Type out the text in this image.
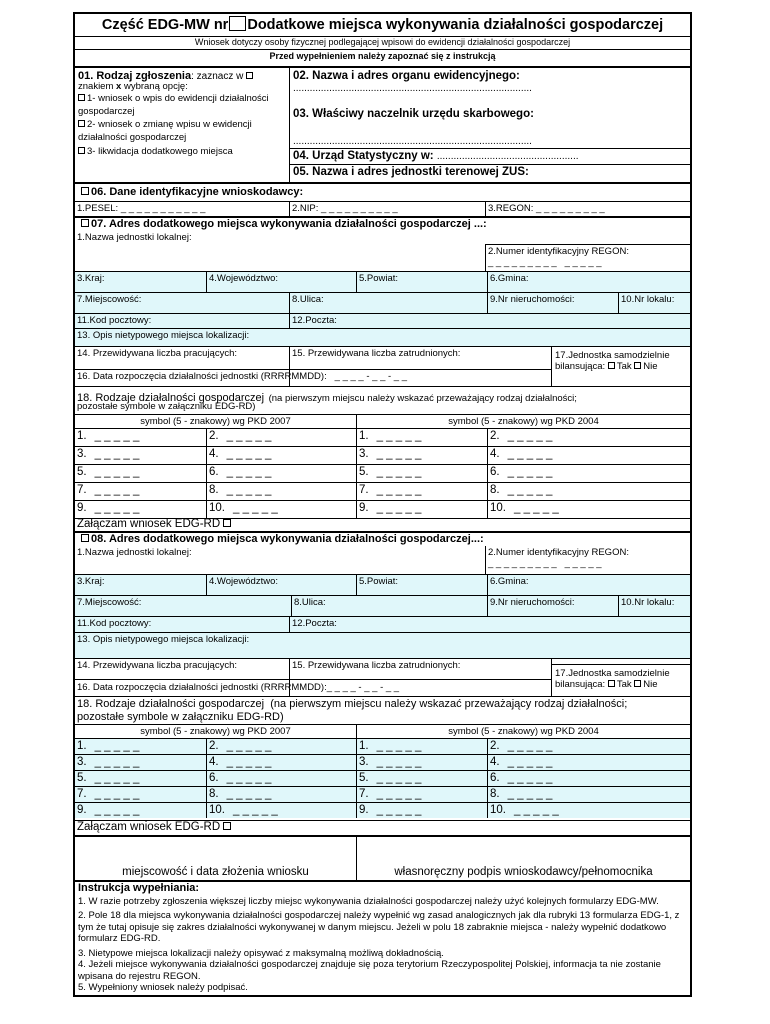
Część EDG-MW nr Dodatkowe miejsca wykonywania działalności gospodarczej
Wniosek dotyczy osoby fizycznej podlegającej wpisowi do ewidencji działalności gospodarczej
Przed wypełnieniem należy zapoznać się z instrukcją
01. Rodzaj zgłoszenia: zaznacz w
znakiem x wybraną opcję:
1- wniosek o wpis do ewidencji działalności
gospodarczej
2- wniosek o zmianę wpisu w ewidencji
działalności gospodarczej
3- likwidacja dodatkowego miejsca
02. Nazwa i adres organu ewidencyjnego:
......................................................................................
03. Właściwy naczelnik urzędu skarbowego:
......................................................................................
04. Urząd Statystyczny w: ...................................................
05. Nazwa i adres jednostki terenowej ZUS:
06. Dane identyfikacyjne wnioskodawcy:
1.PESEL: _ _ _ _ _ _ _ _ _ _ _	2.NIP: _ _ _ _ _ _ _ _ _ _	3.REGON: _ _ _ _ _ _ _ _ _
07. Adres dodatkowego miejsca wykonywania działalności gospodarczej ...:
1.Nazwa jednostki lokalnej:
2.Numer identyfikacyjny REGON:
_ _ _ _ _ _ _ _ _   _ _ _ _ _
3.Kraj:	4.Województwo:	5.Powiat:	6.Gmina:
7.Miejscowość:	8.Ulica:	9.Nr nieruchomości:	10.Nr lokalu:
11.Kod pocztowy:	12.Poczta:
13. Opis nietypowego miejsca lokalizacji:
14. Przewidywana liczba pracujących:	15. Przewidywana liczba zatrudnionych:
16. Data rozpoczęcia działalności jednostki (RRRRMMDD): _ _ _ _ - _ _ - _ _
17.Jednostka samodzielnie
bilansująca: Tak Nie
18. Rodzaje działalności gospodarczej (na pierwszym miejscu należy wskazać przeważający rodzaj działalności;
pozostałe symbole w załączniku EDG-RD)
symbol (5 - znakowy) wg PKD 2007	symbol (5 - znakowy) wg PKD 2004
1. _ _ _ _ _	2. _ _ _ _ _	1. _ _ _ _ _	2. _ _ _ _ _
3. _ _ _ _ _	4. _ _ _ _ _	3. _ _ _ _ _	4. _ _ _ _ _
5. _ _ _ _ _	6. _ _ _ _ _	5. _ _ _ _ _	6. _ _ _ _ _
7. _ _ _ _ _	8. _ _ _ _ _	7. _ _ _ _ _	8. _ _ _ _ _
9. _ _ _ _ _	10. _ _ _ _ _	9. _ _ _ _ _	10. _ _ _ _ _
Załączam wniosek EDG-RD
08. Adres dodatkowego miejsca wykonywania działalności gospodarczej...:
1.Nazwa jednostki lokalnej:	2.Numer identyfikacyjny REGON:
_ _ _ _ _ _ _ _ _   _ _ _ _ _
3.Kraj:	4.Województwo:	5.Powiat:	6.Gmina:
7.Miejscowość:	8.Ulica:	9.Nr nieruchomości:	10.Nr lokalu:
11.Kod pocztowy:	12.Poczta:
13. Opis nietypowego miejsca lokalizacji:
14. Przewidywana liczba pracujących:	15. Przewidywana liczba zatrudnionych:
16. Data rozpoczęcia działalności jednostki (RRRRMMDD):_ _ _ _ - _ _ - _ _
17.Jednostka samodzielnie
bilansująca: Tak Nie
18. Rodzaje działalności gospodarczej (na pierwszym miejscu należy wskazać przeważający rodzaj działalności;
pozostałe symbole w załączniku EDG-RD)
symbol (5 - znakowy) wg PKD 2007	symbol (5 - znakowy) wg PKD 2004
1. _ _ _ _ _	2. _ _ _ _ _	1. _ _ _ _ _	2. _ _ _ _ _
3. _ _ _ _ _	4. _ _ _ _ _	3. _ _ _ _ _	4. _ _ _ _ _
5. _ _ _ _ _	6. _ _ _ _ _	5. _ _ _ _ _	6. _ _ _ _ _
7. _ _ _ _ _	8. _ _ _ _ _	7. _ _ _ _ _	8. _ _ _ _ _
9. _ _ _ _ _	10. _ _ _ _ _	9. _ _ _ _ _	10. _ _ _ _ _
Załączam wniosek EDG-RD
miejscowość i data złożenia wniosku	własnoręczny podpis wnioskodawcy/pełnomocnika
Instrukcja wypełniania:

1. W razie potrzeby zgłoszenia większej liczby miejsc wykonywania działalności gospodarczej należy użyć kolejnych formularzy EDG-MW.

2. Pole 18 dla miejsca wykonywania działalności gospodarczej należy wypełnić wg zasad analogicznych jak dla rubryki 13 formularza EDG-1, z tym że tutaj opisuje się zakres działalności wykonywanej w danym miejscu. Jeżeli w polu 18 zabraknie miejsca - należy wypełnić dodatkowo formularz EDG-RD.

3. Nietypowe miejsca lokalizacji należy opisywać z maksymalną możliwą dokładnością.

4. Jeżeli miejsce wykonywania działalności gospodarczej znajduje się poza terytorium Rzeczypospolitej Polskiej, informacja ta nie zostanie wpisana do rejestru REGON.

5. Wypełniony wniosek należy podpisać.
